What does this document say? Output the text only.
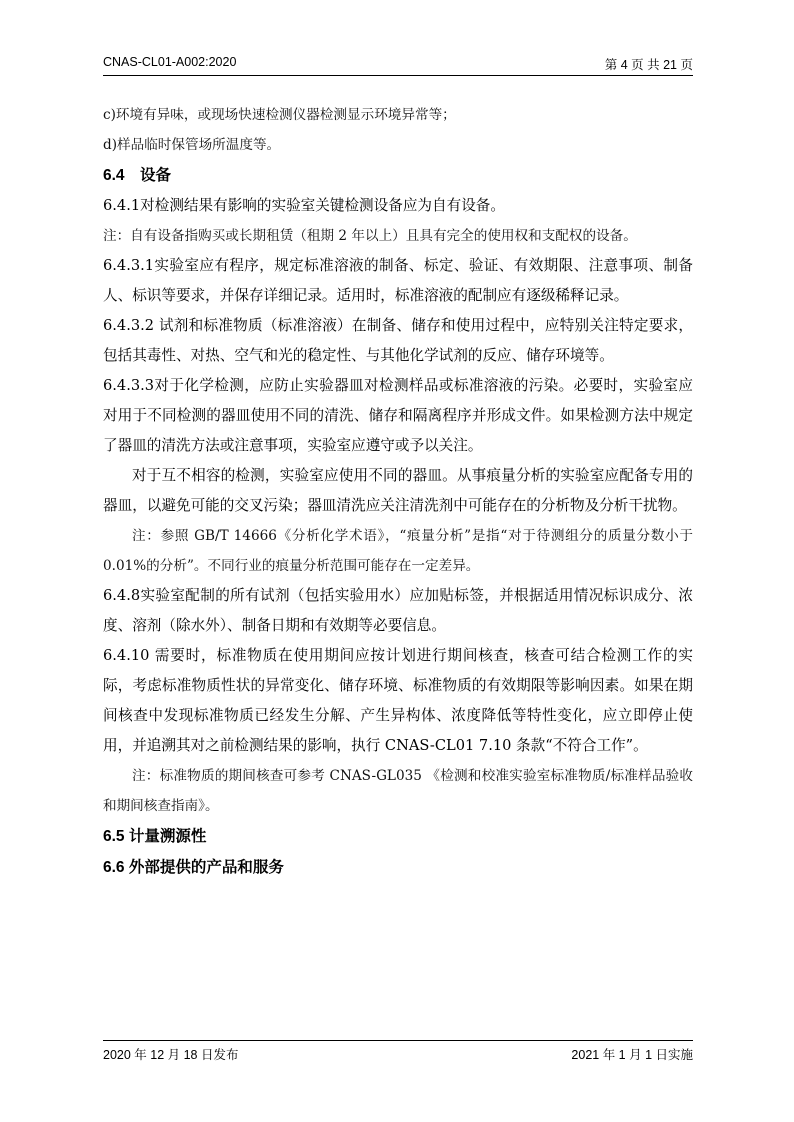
CNAS-CL01-A002:2020	第 4 页 共 21 页

c)环境有异味，或现场快速检测仪器检测显示环境异常等；

d)样品临时保管场所温度等。

6.4　设备

6.4.1对检测结果有影响的实验室关键检测设备应为自有设备。

注：自有设备指购买或长期租赁（租期 2 年以上）且具有完全的使用权和支配权的设备。

6.4.3.1实验室应有程序，规定标准溶液的制备、标定、验证、有效期限、注意事项、制备人、标识等要求，并保存详细记录。适用时，标准溶液的配制应有逐级稀释记录。

6.4.3.2 试剂和标准物质（标准溶液）在制备、储存和使用过程中，应特别关注特定要求，包括其毒性、对热、空气和光的稳定性、与其他化学试剂的反应、储存环境等。

6.4.3.3对于化学检测，应防止实验器皿对检测样品或标准溶液的污染。必要时，实验室应对用于不同检测的器皿使用不同的清洗、储存和隔离程序并形成文件。如果检测方法中规定了器皿的清洗方法或注意事项，实验室应遵守或予以关注。

对于互不相容的检测，实验室应使用不同的器皿。从事痕量分析的实验室应配备专用的器皿，以避免可能的交叉污染；器皿清洗应关注清洗剂中可能存在的分析物及分析干扰物。

注：参照 GB/T 14666《分析化学术语》，“痕量分析”是指“对于待测组分的质量分数小于 0.01%的分析”。不同行业的痕量分析范围可能存在一定差异。

6.4.8实验室配制的所有试剂（包括实验用水）应加贴标签，并根据适用情况标识成分、浓度、溶剂（除水外）、制备日期和有效期等必要信息。

6.4.10 需要时，标准物质在使用期间应按计划进行期间核查，核查可结合检测工作的实际，考虑标准物质性状的异常变化、储存环境、标准物质的有效期限等影响因素。如果在期间核查中发现标准物质已经发生分解、产生异构体、浓度降低等特性变化，应立即停止使用，并追溯其对之前检测结果的影响，执行 CNAS-CL01 7.10 条款“不符合工作”。

注：标准物质的期间核查可参考 CNAS-GL035 《检测和校准实验室标准物质/标准样品验收和期间核查指南》。

6.5 计量溯源性

6.6 外部提供的产品和服务

2020 年 12 月 18 日发布	2021 年 1 月 1 日实施
